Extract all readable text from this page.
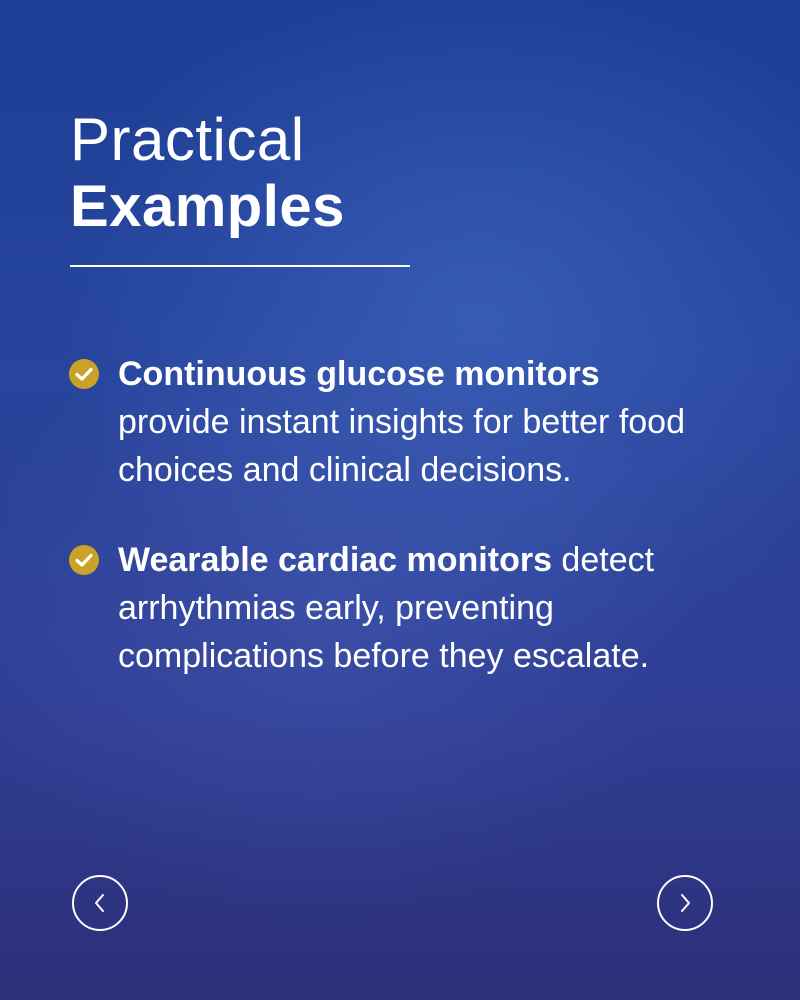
Practical
Examples
Continuous glucose monitors provide instant insights for better food choices and clinical decisions.
Wearable cardiac monitors detect arrhythmias early, preventing complications before they escalate.
